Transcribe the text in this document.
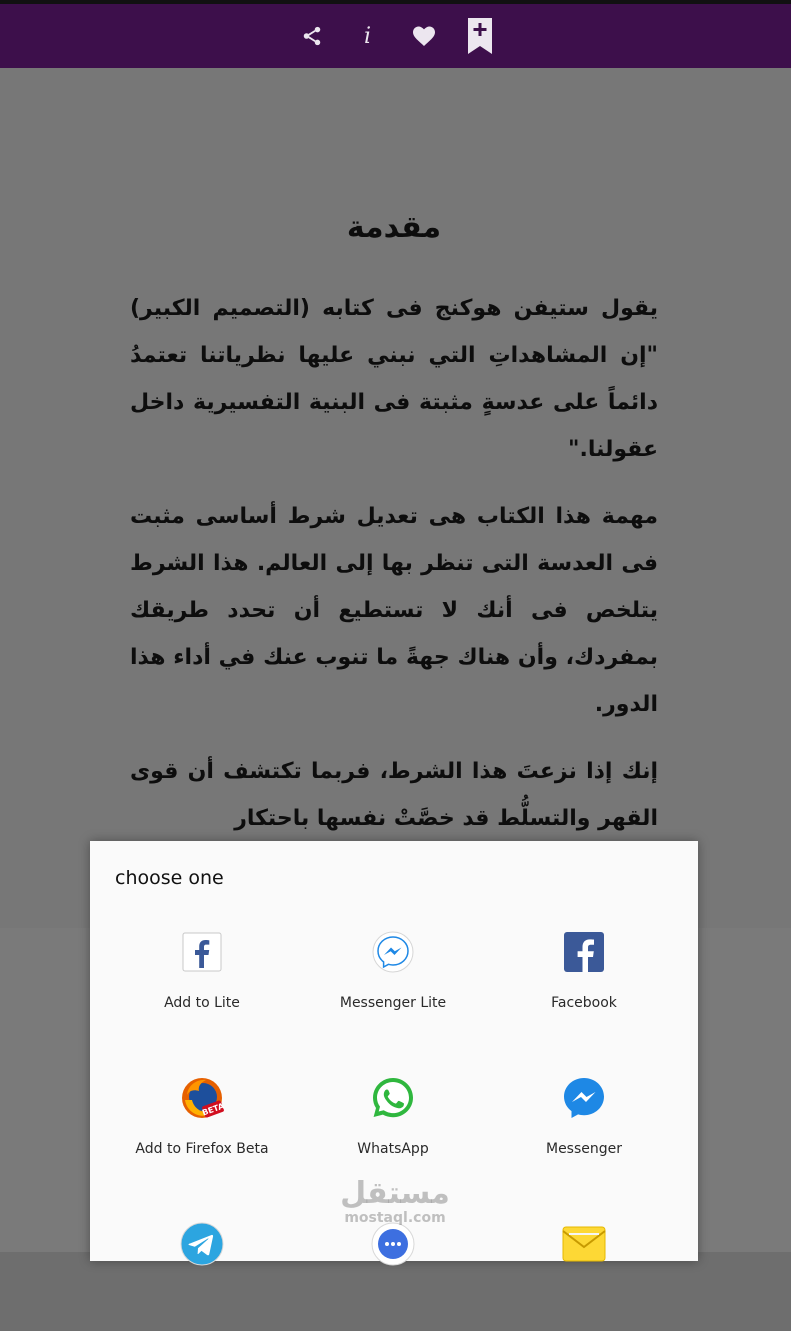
i
مقدمة

يقول ستيفن هوكنج فى كتابه (التصميم الكبير) "إن المشاهداتِ التي نبني عليها نظرياتنا تعتمدُ دائماً على عدسةٍ مثبتة فى البنية التفسيرية داخل عقولنا."

مهمة هذا الكتاب هى تعديل شرط أساسى مثبت فى العدسة التى تنظر بها إلى العالم. هذا الشرط يتلخص فى أنك لا تستطيع أن تحدد طريقك بمفردك، وأن هناك جهةً ما تنوب عنك في أداء هذا الدور.

إنك إذا نزعتَ هذا الشرط، فربما تكتشف أن قوى القهر والتسلُّط قد خصَّتْ نفسها باحتكار

choose one
Add to Lite	Messenger Lite	Facebook
BETA
Add to Firefox Beta	WhatsApp	Messenger
مستقل
mostaql.com
